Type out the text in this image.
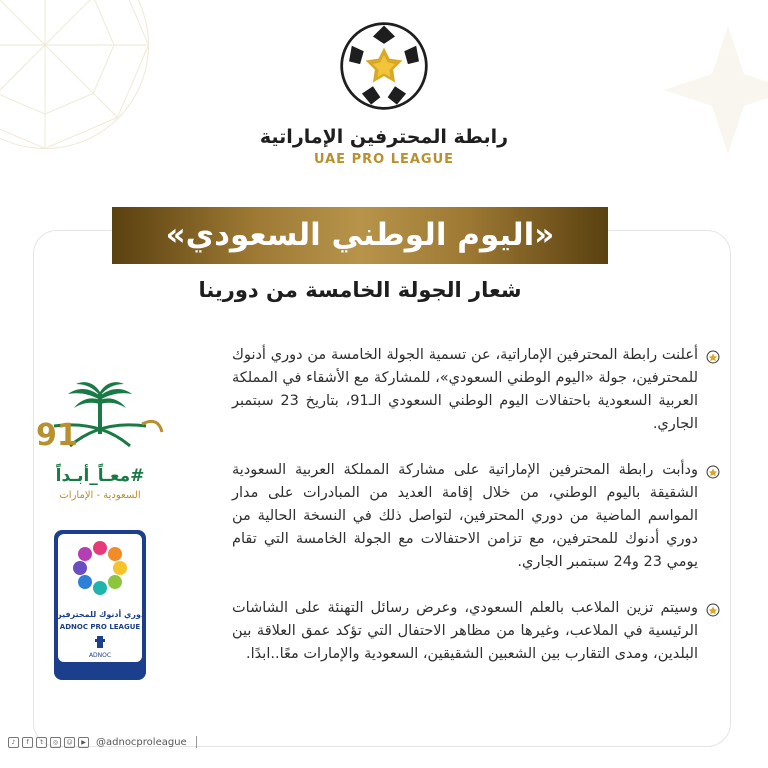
رابطة المحترفين الإماراتية
UAE PRO LEAGUE
«اليوم الوطني السعودي»
شعار الجولة الخامسة من دورينا
أعلنت رابطة المحترفين الإماراتية، عن تسمية الجولة الخامسة من دوري أدنوك للمحترفين، جولة «اليوم الوطني السعودي»، للمشاركة مع الأشقاء في المملكة العربية السعودية باحتفالات اليوم الوطني السعودي الـ91، بتاريخ 23 سبتمبر الجاري.
ودأبت رابطة المحترفين الإماراتية على مشاركة المملكة العربية السعودية الشقيقة باليوم الوطني، من خلال إقامة العديد من المبادرات على مدار المواسم الماضية من دوري المحترفين، لتواصل ذلك في النسخة الحالية من دوري أدنوك للمحترفين، مع تزامن الاحتفالات مع الجولة الخامسة التي تقام يومي 23 و24 سبتمبر الجاري.
وسيتم تزين الملاعب بالعلم السعودي، وعرض رسائل التهنئة على الشاشات الرئيسية في الملاعب، وغيرها من مظاهر الاحتفال التي تؤكد عمق العلاقة بين البلدين، ومدى التقارب بين الشعبين الشقيقين، السعودية والإمارات معًا..ابدًا.
91
#معـاً_أبـداً
السعودية - الإمارات
دوري أدنوك للمحترفين
ADNOC PRO LEAGUE
ADNOC
♪	f	t	◎	☺	▶	@adnocproleague
